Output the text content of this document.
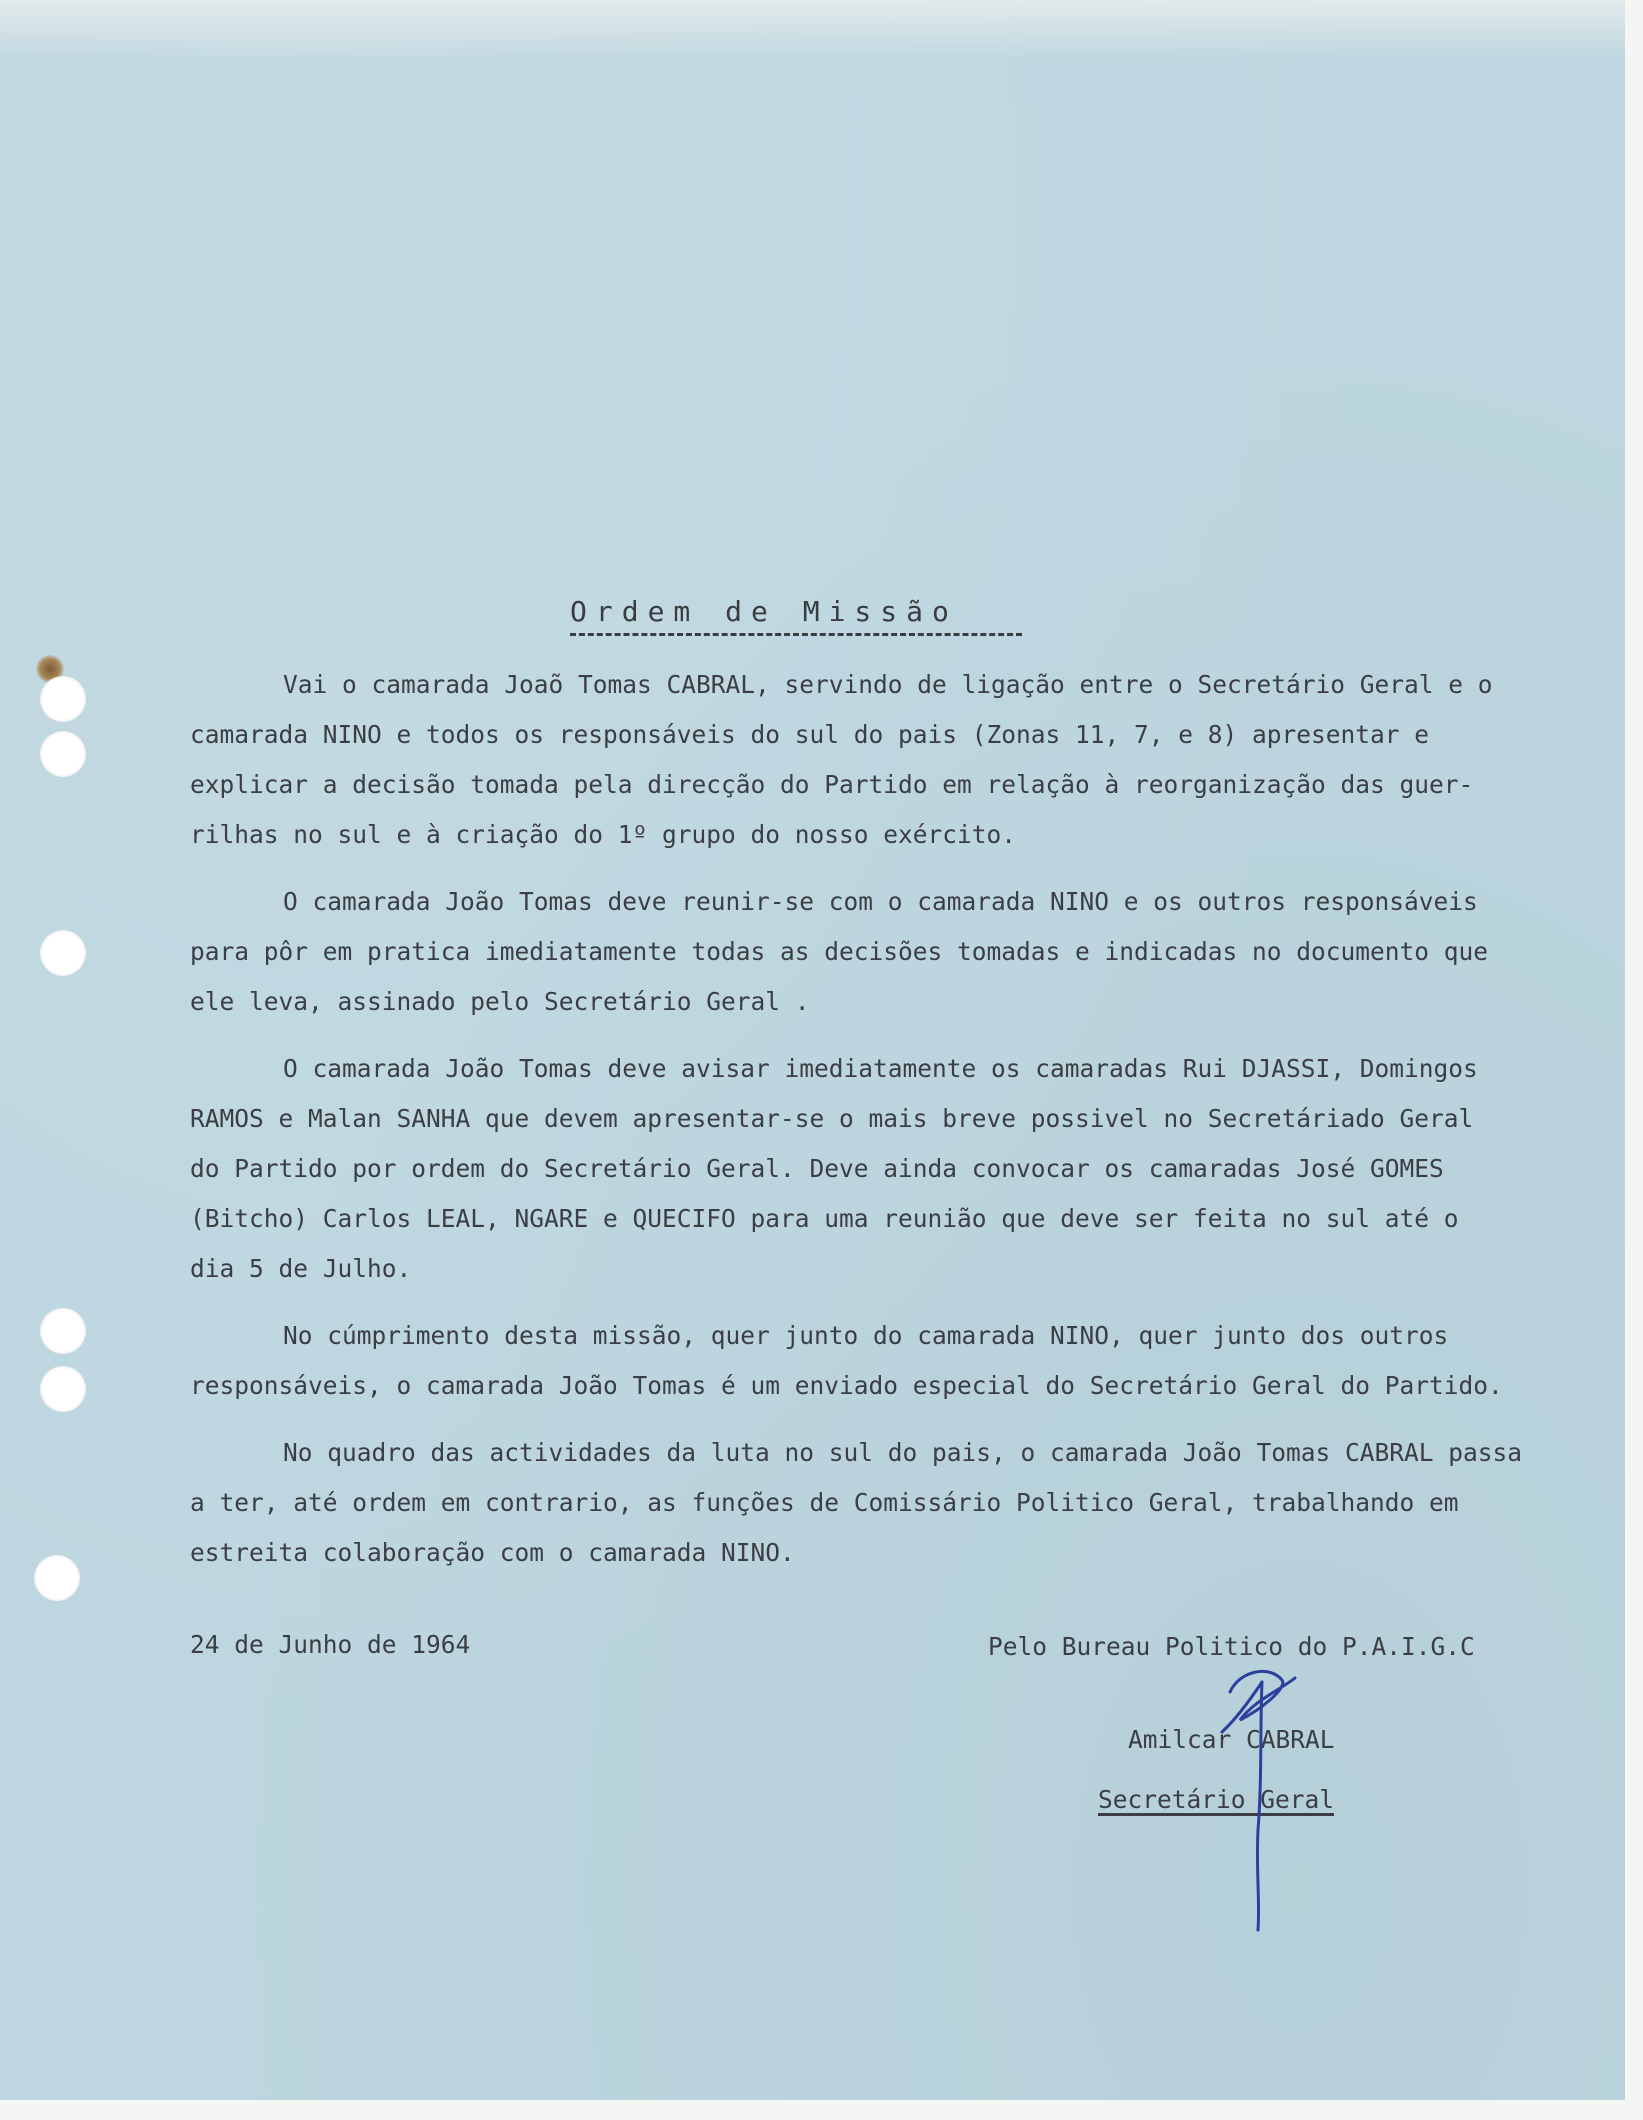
Ordem de Missão
Vai o camarada Joaõ Tomas CABRAL, servindo de ligação entre o Secretário Geral e o
camarada NINO e todos os responsáveis do sul do pais (Zonas 11, 7, e 8) apresentar e
explicar a decisão tomada pela direcção do Partido em relação à reorganização das guer-
rilhas no sul e à criação do 1º grupo do nosso exército.
O camarada João Tomas deve reunir-se com o camarada NINO e os outros responsáveis
para pôr em pratica imediatamente todas as decisões tomadas e indicadas no documento que
ele leva, assinado pelo Secretário Geral .
O camarada João Tomas deve avisar imediatamente os camaradas Rui DJASSI, Domingos
RAMOS e Malan SANHA que devem apresentar-se o mais breve possivel no Secretáriado Geral
do Partido por ordem do Secretário Geral. Deve ainda convocar os camaradas José GOMES
(Bitcho) Carlos LEAL, NGARE e QUECIFO para uma reunião que deve ser feita no sul até o
dia 5 de Julho.
No cúmprimento desta missão, quer junto do camarada NINO, quer junto dos outros
responsáveis, o camarada João Tomas é um enviado especial do Secretário Geral do Partido.
No quadro das actividades da luta no sul do pais, o camarada João Tomas CABRAL passa
a ter, até ordem em contrario, as funções de Comissário Politico Geral, trabalhando em
estreita colaboração com o camarada NINO.
24 de Junho de 1964	Pelo Bureau Politico do P.A.I.G.C
Amilcar CABRAL
Secretário Geral
